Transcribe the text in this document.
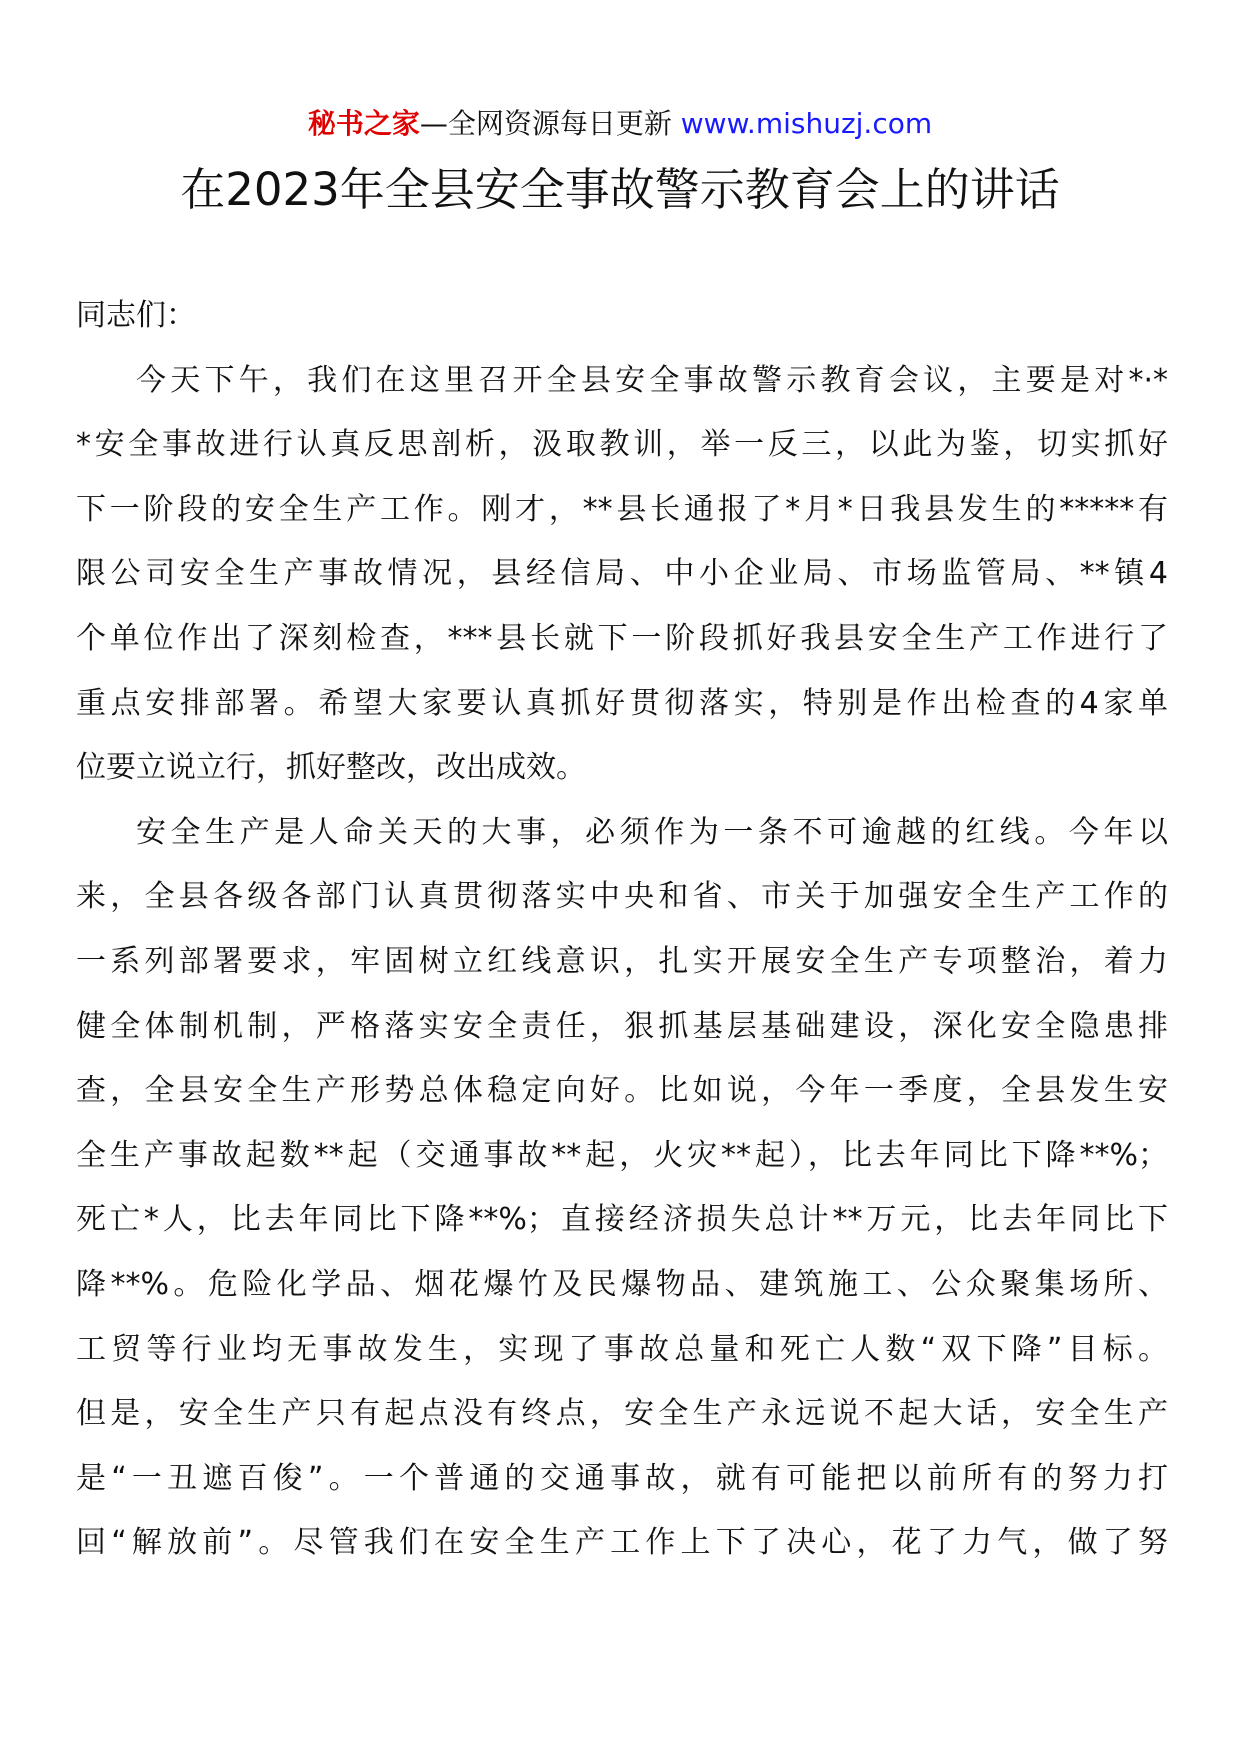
秘书之家—全网资源每日更新 www.mishuzj.com
在2023年全县安全事故警示教育会上的讲话
同志们：
今天下午，我们在这里召开全县安全事故警示教育会议，主要是对*·*
*安全事故进行认真反思剖析，汲取教训，举一反三，以此为鉴，切实抓好
下一阶段的安全生产工作。刚才，**县长通报了*月*日我县发生的*****有
限公司安全生产事故情况，县经信局、中小企业局、市场监管局、**镇4
个单位作出了深刻检查，***县长就下一阶段抓好我县安全生产工作进行了
重点安排部署。希望大家要认真抓好贯彻落实，特别是作出检查的4家单
位要立说立行，抓好整改，改出成效。
安全生产是人命关天的大事，必须作为一条不可逾越的红线。今年以
来，全县各级各部门认真贯彻落实中央和省、市关于加强安全生产工作的
一系列部署要求，牢固树立红线意识，扎实开展安全生产专项整治，着力
健全体制机制，严格落实安全责任，狠抓基层基础建设，深化安全隐患排
查，全县安全生产形势总体稳定向好。比如说，今年一季度，全县发生安
全生产事故起数**起（交通事故**起，火灾**起），比去年同比下降**%；
死亡*人，比去年同比下降**%；直接经济损失总计**万元，比去年同比下
降**%。危险化学品、烟花爆竹及民爆物品、建筑施工、公众聚集场所、
工贸等行业均无事故发生，实现了事故总量和死亡人数“双下降”目标。
但是，安全生产只有起点没有终点，安全生产永远说不起大话，安全生产
是“一丑遮百俊”。一个普通的交通事故，就有可能把以前所有的努力打
回“解放前”。尽管我们在安全生产工作上下了决心，花了力气，做了努
